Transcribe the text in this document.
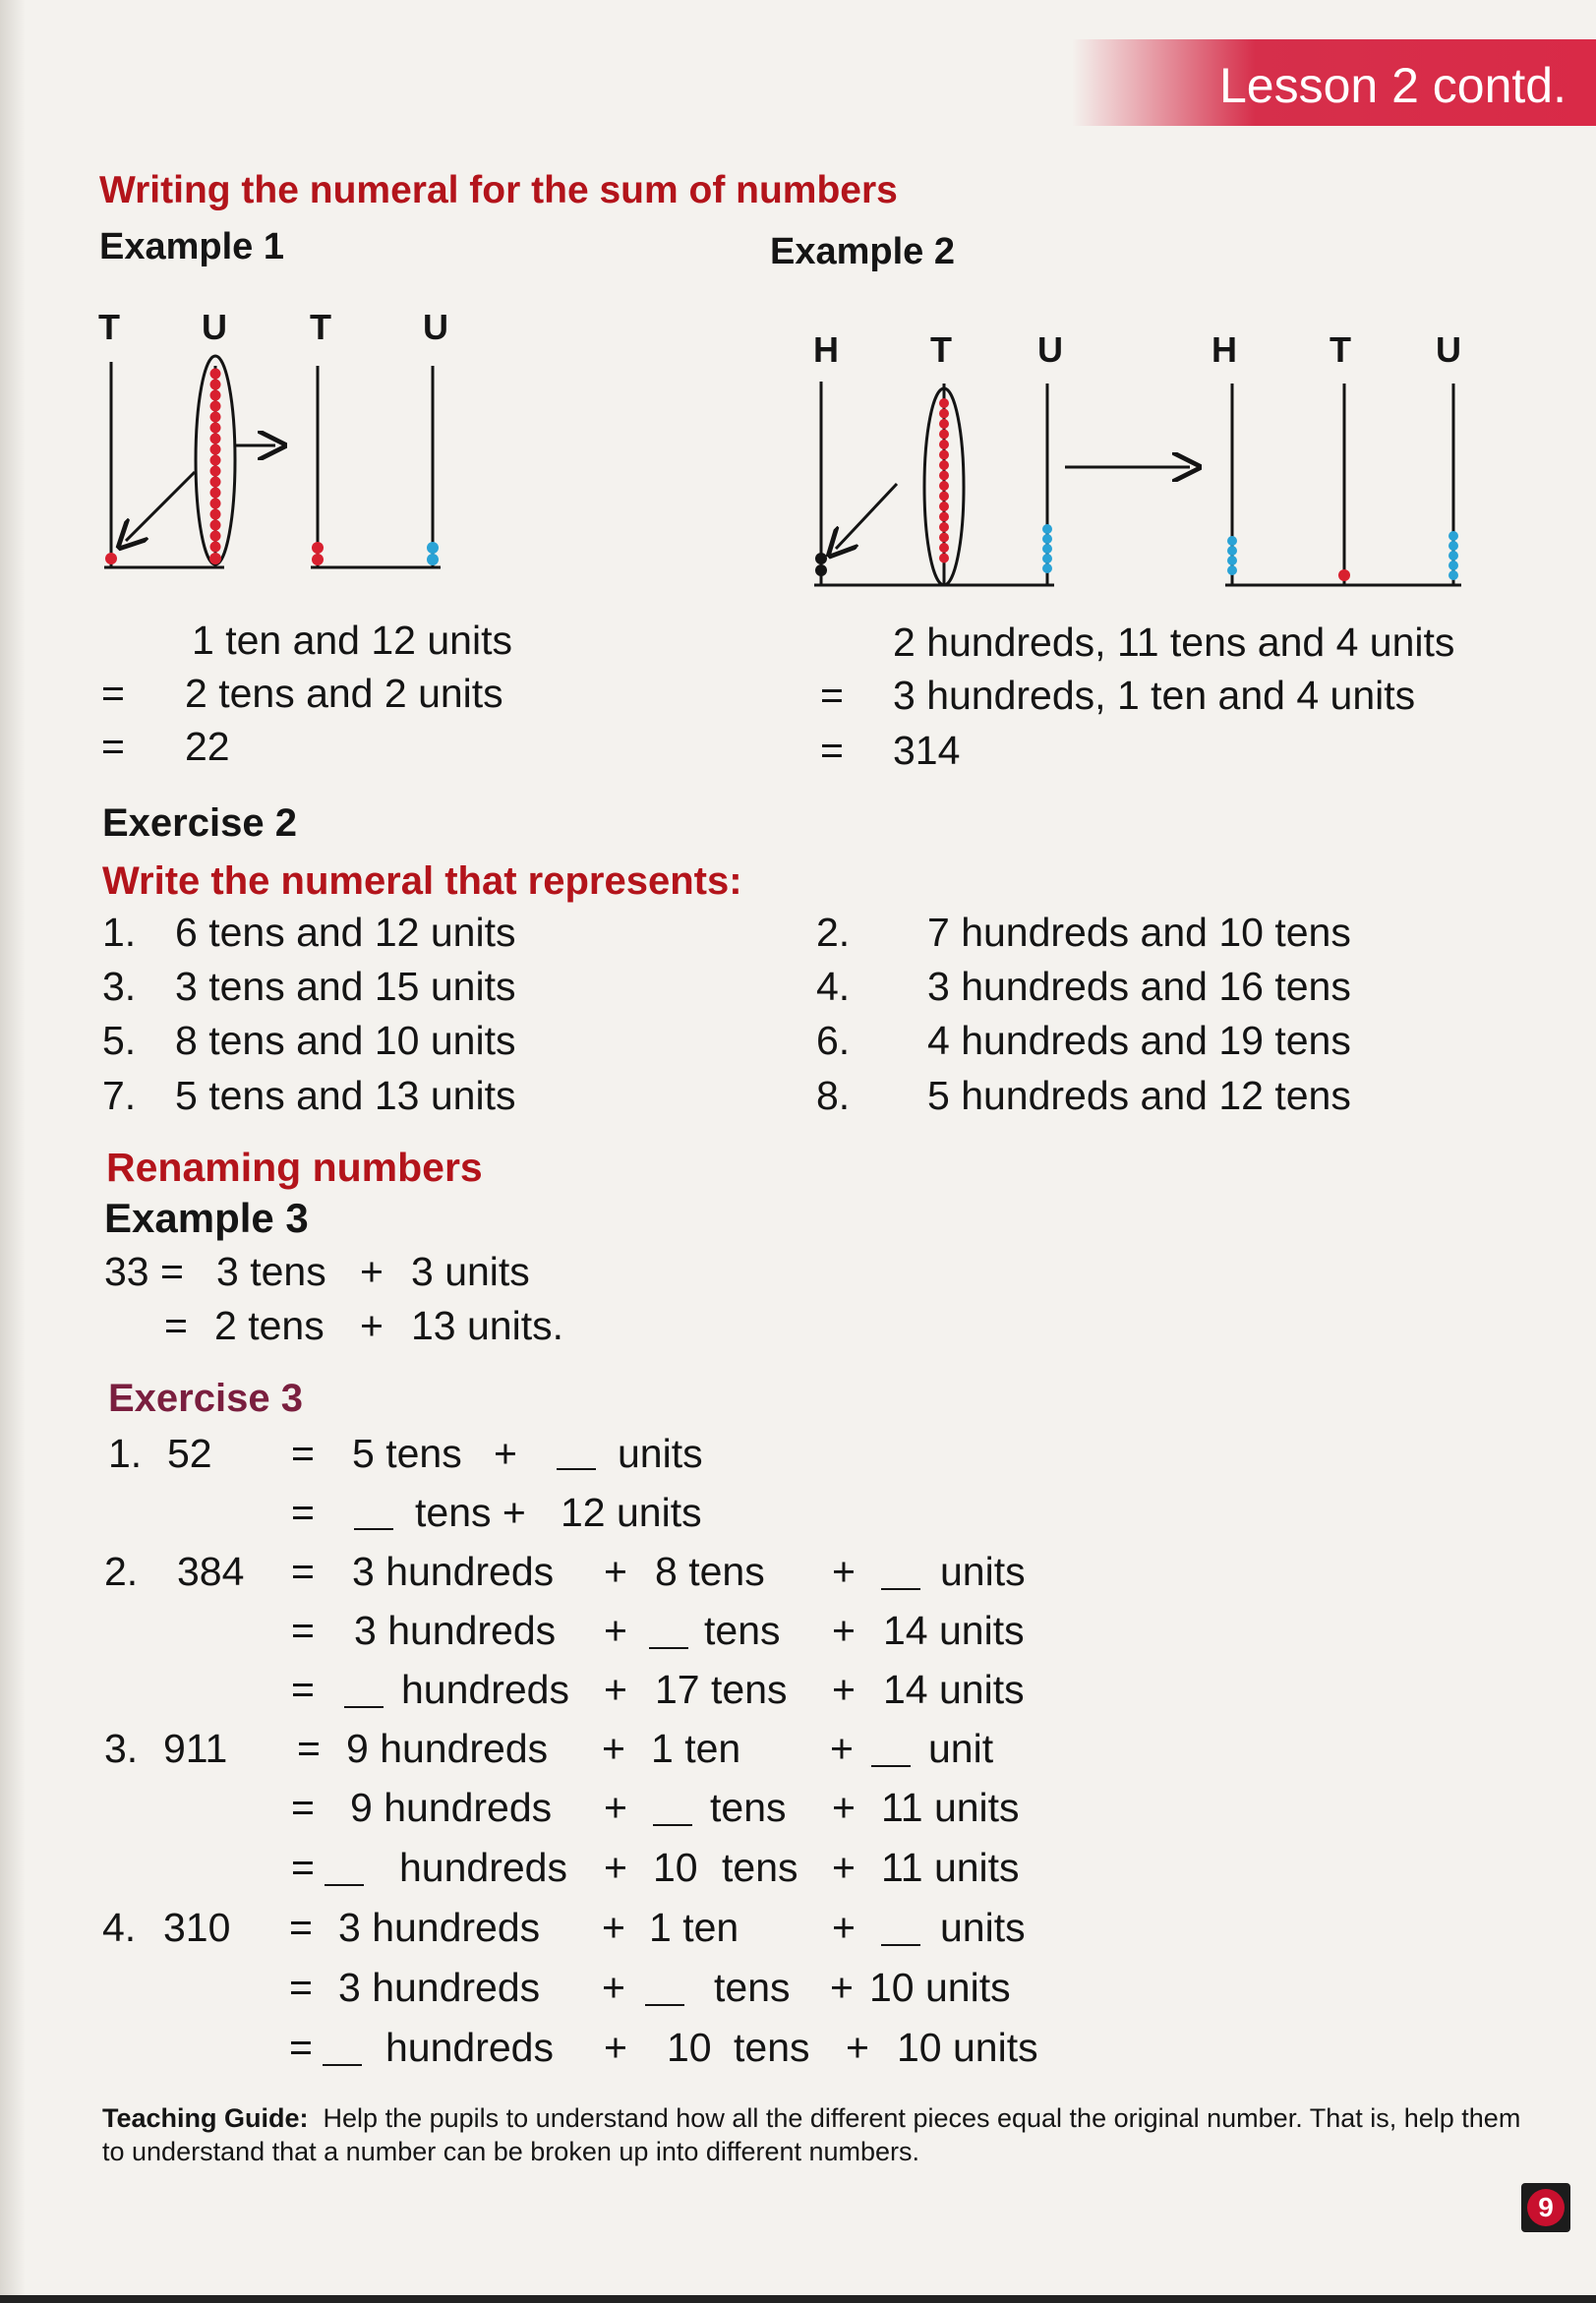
Lesson 2 contd.
Writing the numeral for the sum of numbers
Example 1	Example 2
T U T	U
1 ten and 12 units
= 2 tens and 2 units
= 22
H	T U	H	T U
2 hundreds, 11 tens and 4 units
= 3 hundreds, 1 ten and 4 units
= 314
Exercise 2
Write the numeral that represents:
1. 6 tens and 12 units	2. 7 hundreds and 10 tens
3. 3 tens and 15 units	4. 3 hundreds and 16 tens
5. 8 tens and 10 units	6. 4 hundreds and 19 tens
7. 5 tens and 13 units	8. 5 hundreds and 12 tens
Renaming numbers
Example 3
33 = 3 tens + 3 units
= 2 tens + 13 units.
Exercise 3
1. 52 = 5 tens + units
= tens + 12 units
2. 384 = 3 hundreds + 8 tens + units
= 3 hundreds + tens + 14 units
= hundreds + 17 tens + 14 units
3. 911 = 9 hundreds + 1 ten + unit
= 9 hundreds + tens + 11 units
= hundreds + 10 tens + 11 units
4. 310 = 3 hundreds + 1 ten + units
= 3 hundreds + tens + 10 units
= hundreds + 10 tens + 10 units
Teaching Guide: Help the pupils to understand how all the different pieces equal the original number. That is, help them to understand that a number can be broken up into different numbers.
9
